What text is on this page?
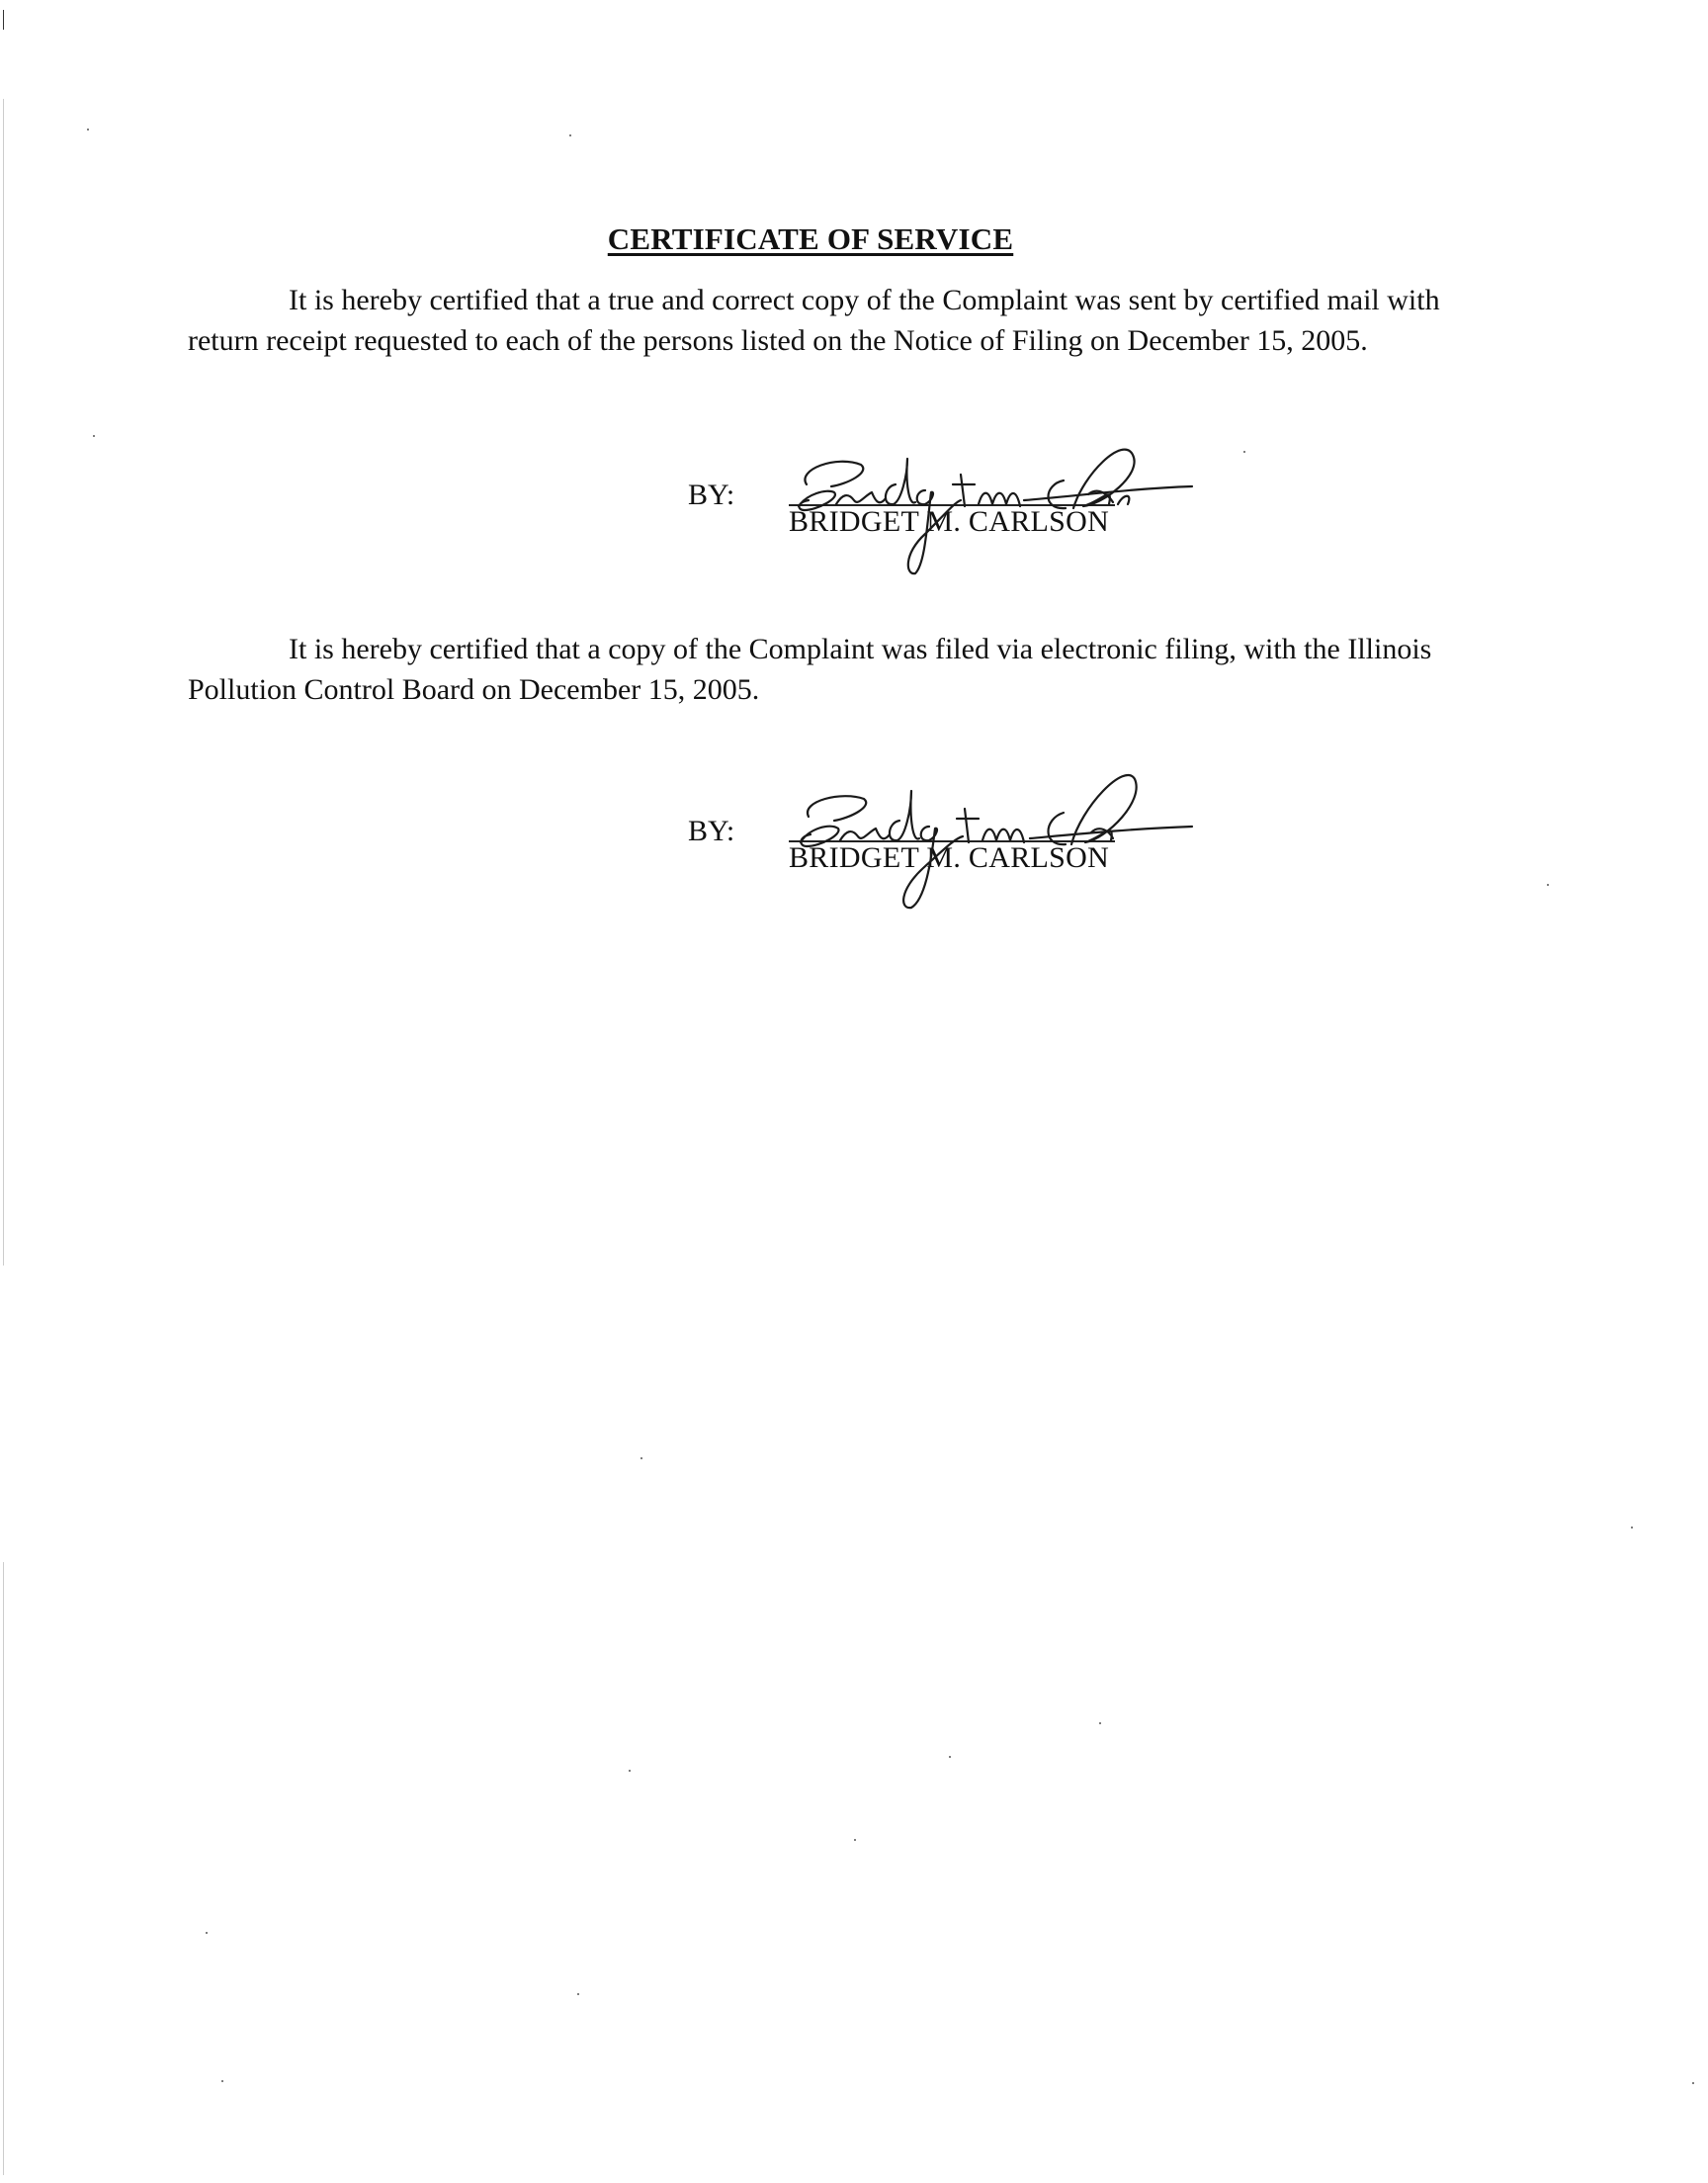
CERTIFICATE OF SERVICE

It is hereby certified that a true and correct copy of the Complaint was sent by certified mail with return receipt requested to each of the persons listed on the Notice of Filing on December 15, 2005.

BY:
BRIDGET M. CARLSON

It is hereby certified that a copy of the Complaint was filed via electronic filing, with the Illinois Pollution Control Board on December 15, 2005.

BY:
BRIDGET M. CARLSON
